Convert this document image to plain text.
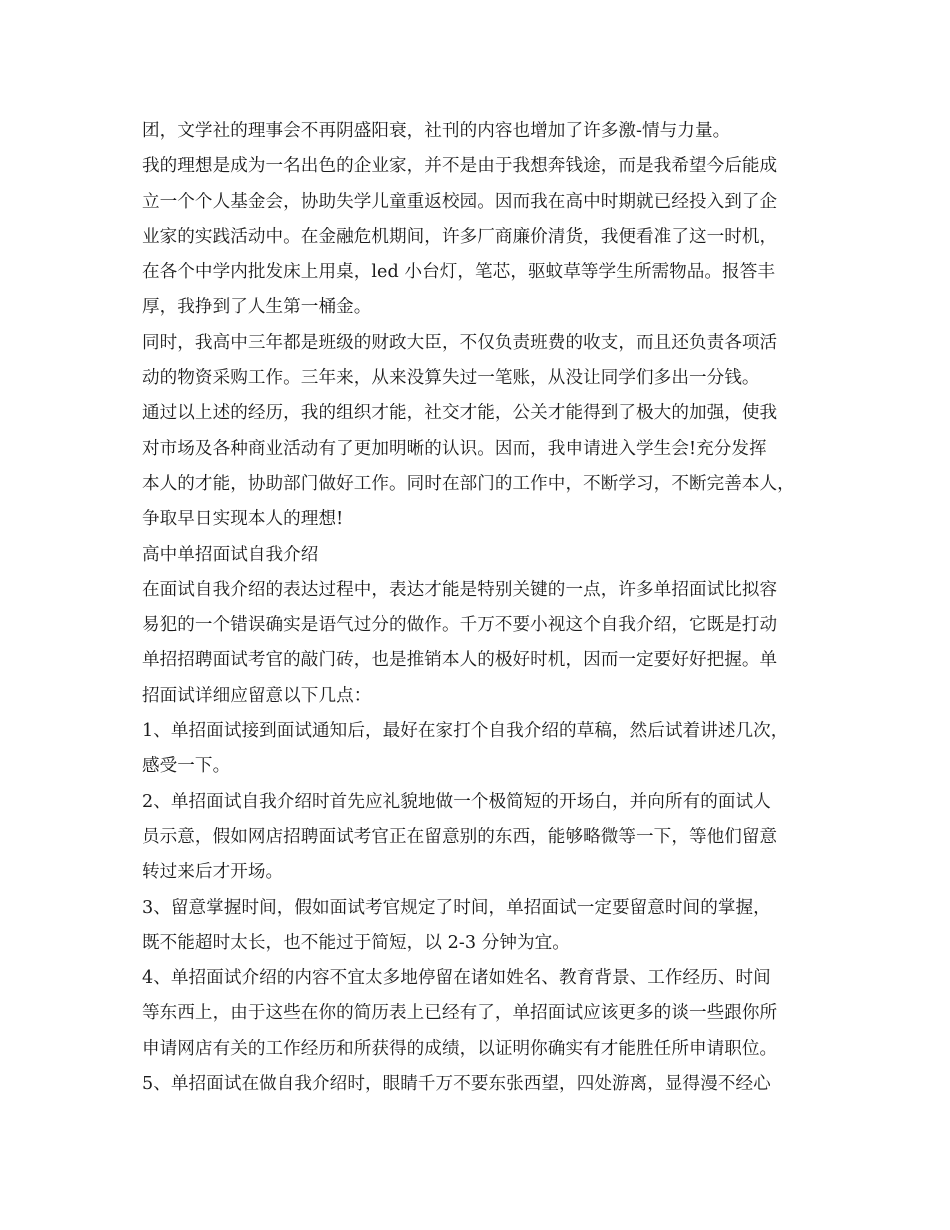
团，文学社的理事会不再阴盛阳衰，社刊的内容也增加了许多激-情与力量。
我的理想是成为一名出色的企业家，并不是由于我想奔钱途，而是我希望今后能成
立一个个人基金会，协助失学儿童重返校园。因而我在高中时期就已经投入到了企
业家的实践活动中。在金融危机期间，许多厂商廉价清货，我便看准了这一时机，
在各个中学内批发床上用桌，led 小台灯，笔芯，驱蚊草等学生所需物品。报答丰
厚，我挣到了人生第一桶金。
同时，我高中三年都是班级的财政大臣，不仅负责班费的收支，而且还负责各项活
动的物资采购工作。三年来，从来没算失过一笔账，从没让同学们多出一分钱。
通过以上述的经历，我的组织才能，社交才能，公关才能得到了极大的加强，使我
对市场及各种商业活动有了更加明晰的认识。因而，我申请进入学生会!充分发挥
本人的才能，协助部门做好工作。同时在部门的工作中，不断学习，不断完善本人，
争取早日实现本人的理想!
高中单招面试自我介绍
在面试自我介绍的表达过程中，表达才能是特别关键的一点，许多单招面试比拟容
易犯的一个错误确实是语气过分的做作。千万不要小视这个自我介绍，它既是打动
单招招聘面试考官的敲门砖，也是推销本人的极好时机，因而一定要好好把握。单
招面试详细应留意以下几点：
1、单招面试接到面试通知后，最好在家打个自我介绍的草稿，然后试着讲述几次，
感受一下。
2、单招面试自我介绍时首先应礼貌地做一个极简短的开场白，并向所有的面试人
员示意，假如网店招聘面试考官正在留意别的东西，能够略微等一下，等他们留意
转过来后才开场。
3、留意掌握时间，假如面试考官规定了时间，单招面试一定要留意时间的掌握，
既不能超时太长，也不能过于简短，以 2-3 分钟为宜。
4、单招面试介绍的内容不宜太多地停留在诸如姓名、教育背景、工作经历、时间
等东西上，由于这些在你的简历表上已经有了，单招面试应该更多的谈一些跟你所
申请网店有关的工作经历和所获得的成绩，以证明你确实有才能胜任所申请职位。
5、单招面试在做自我介绍时，眼睛千万不要东张西望，四处游离，显得漫不经心
